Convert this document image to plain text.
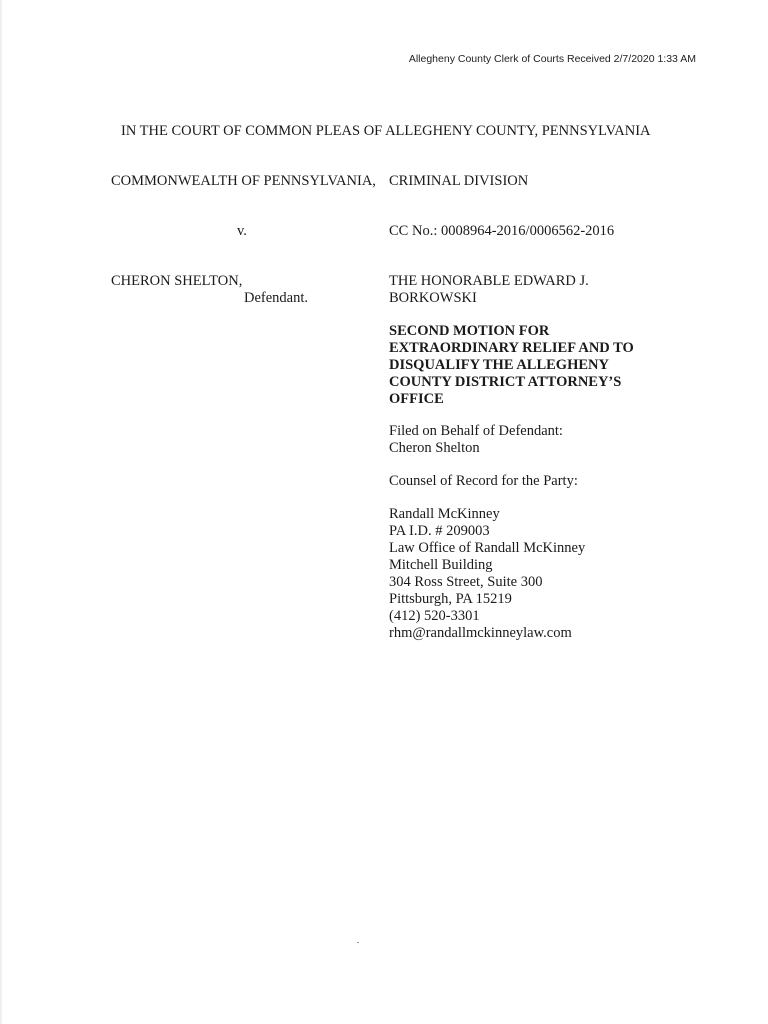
Allegheny County Clerk of Courts Received 2/7/2020 1:33 AM
IN THE COURT OF COMMON PLEAS OF ALLEGHENY COUNTY, PENNSYLVANIA
COMMONWEALTH OF PENNSYLVANIA, CRIMINAL DIVISION
v.	CC No.: 0008964-2016/0006562-2016
CHERON SHELTON,
Defendant.
THE HONORABLE EDWARD J.
BORKOWSKI
SECOND MOTION FOR
EXTRAORDINARY RELIEF AND TO
DISQUALIFY THE ALLEGHENY
COUNTY DISTRICT ATTORNEY’S
OFFICE
Filed on Behalf of Defendant:
Cheron Shelton
Counsel of Record for the Party:
Randall McKinney
PA I.D. # 209003
Law Office of Randall McKinney
Mitchell Building
304 Ross Street, Suite 300
Pittsburgh, PA 15219
(412) 520-3301
rhm@randallmckinneylaw.com
